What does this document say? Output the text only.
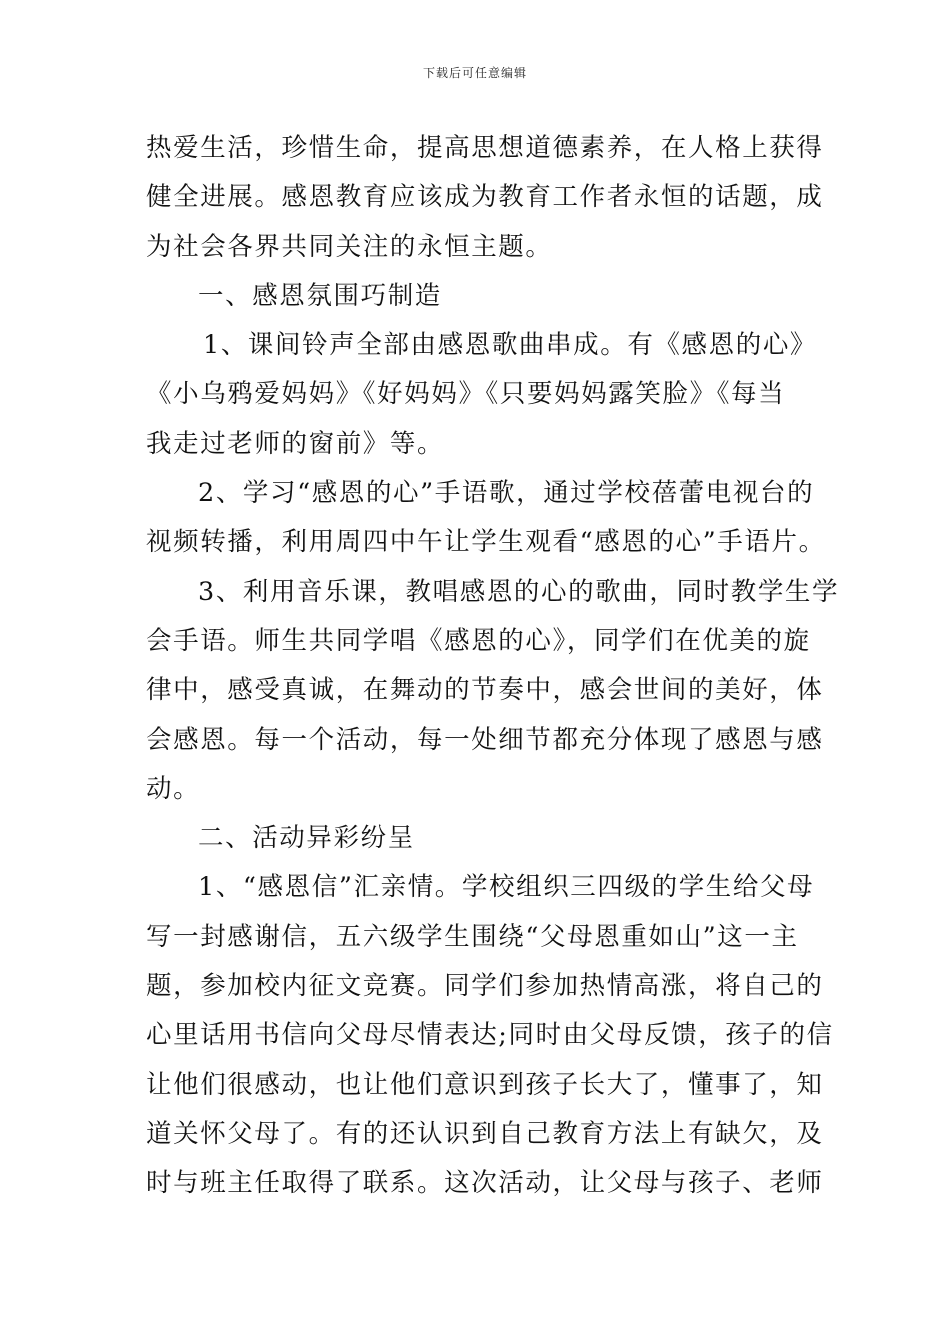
下载后可任意编辑
热爱生活，珍惜生命，提高思想道德素养，在人格上获得
健全进展。感恩教育应该成为教育工作者永恒的话题，成
为社会各界共同关注的永恒主题。
一、感恩氛围巧制造
1、课间铃声全部由感恩歌曲串成。有《感恩的心》
《小乌鸦爱妈妈》《好妈妈》《只要妈妈露笑脸》《每当
我走过老师的窗前》等。
2、学习“感恩的心”手语歌，通过学校蓓蕾电视台的
视频转播，利用周四中午让学生观看“感恩的心”手语片。
3、利用音乐课，教唱感恩的心的歌曲，同时教学生学
会手语。师生共同学唱《感恩的心》，同学们在优美的旋
律中，感受真诚，在舞动的节奏中，感会世间的美好，体
会感恩。每一个活动，每一处细节都充分体现了感恩与感
动。
二、活动异彩纷呈
1、“感恩信”汇亲情。学校组织三四级的学生给父母
写一封感谢信，五六级学生围绕“父母恩重如山”这一主
题，参加校内征文竞赛。同学们参加热情高涨，将自己的
心里话用书信向父母尽情表达;同时由父母反馈，孩子的信
让他们很感动，也让他们意识到孩子长大了，懂事了，知
道关怀父母了。有的还认识到自己教育方法上有缺欠，及
时与班主任取得了联系。这次活动，让父母与孩子、老师
